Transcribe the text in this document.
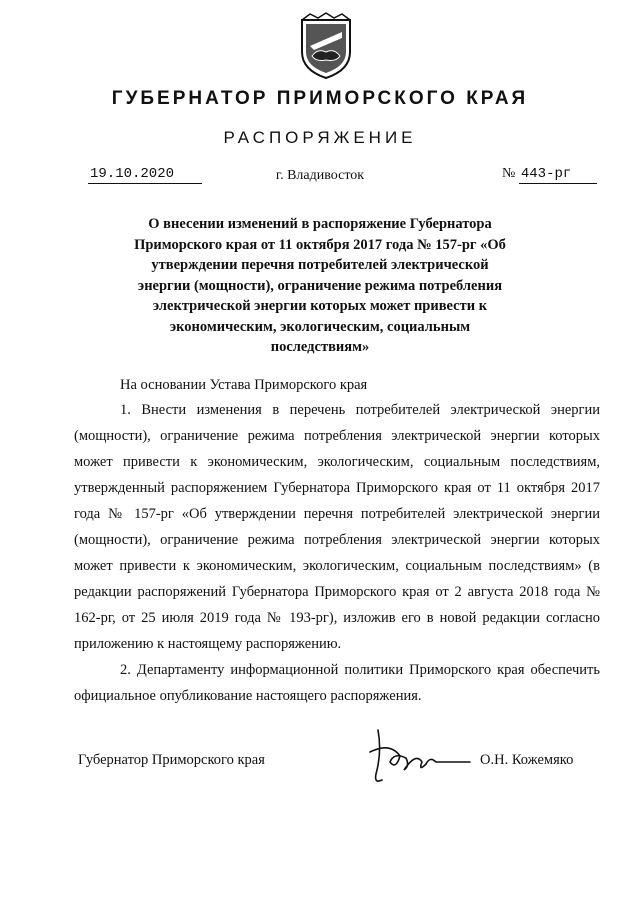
ГУБЕРНАТОР ПРИМОРСКОГО КРАЯ
РАСПОРЯЖЕНИЕ
19.10.2020	г. Владивосток	№ 443-рг
О внесении изменений в распоряжение Губернатора Приморского края от 11 октября 2017 года № 157-рг «Об утверждении перечня потребителей электрической энергии (мощности), ограничение режима потребления электрической энергии которых может привести к экономическим, экологическим, социальным последствиям»
На основании Устава Приморского края
1. Внести изменения в перечень потребителей электрической энергии (мощности), ограничение режима потребления электрической энергии которых может привести к экономическим, экологическим, социальным последствиям, утвержденный распоряжением Губернатора Приморского края от 11 октября 2017 года № 157-рг «Об утверждении перечня потребителей электрической энергии (мощности), ограничение режима потребления электрической энергии которых может привести к экономическим, экологическим, социальным последствиям» (в редакции распоряжений Губернатора Приморского края от 2 августа 2018 года № 162-рг, от 25 июля 2019 года № 193-рг), изложив его в новой редакции согласно приложению к настоящему распоряжению.
2. Департаменту информационной политики Приморского края обеспечить официальное опубликование настоящего распоряжения.
Губернатор Приморского края	О.Н. Кожемяко
